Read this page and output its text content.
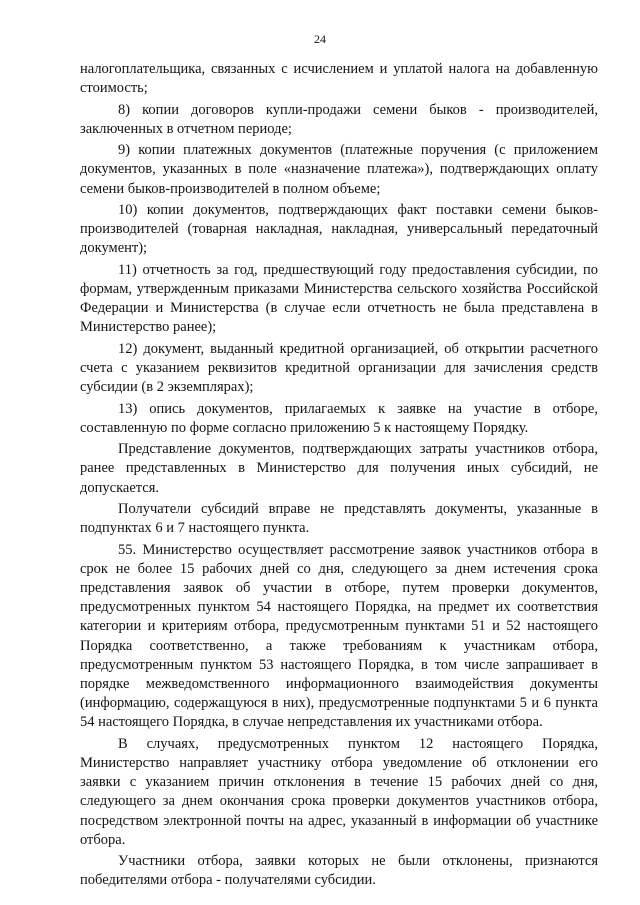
24

налогоплательщика, связанных с исчислением и уплатой налога на добавленную стоимость;

8) копии договоров купли-продажи семени быков - производителей, заключенных в отчетном периоде;

9) копии платежных документов (платежные поручения (с приложением документов, указанных в поле «назначение платежа»), подтверждающих оплату семени быков-производителей в полном объеме;

10) копии документов, подтверждающих факт поставки семени быков-производителей (товарная накладная, накладная, универсальный передаточный документ);

11) отчетность за год, предшествующий году предоставления субсидии, по формам, утвержденным приказами Министерства сельского хозяйства Российской Федерации и Министерства (в случае если отчетность не была представлена в Министерство ранее);

12) документ, выданный кредитной организацией, об открытии расчетного счета с указанием реквизитов кредитной организации для зачисления средств субсидии (в 2 экземплярах);

13) опись документов, прилагаемых к заявке на участие в отборе, составленную по форме согласно приложению 5 к настоящему Порядку.

Представление документов, подтверждающих затраты участников отбора, ранее представленных в Министерство для получения иных субсидий, не допускается.

Получатели субсидий вправе не представлять документы, указанные в подпунктах 6 и 7 настоящего пункта.

55. Министерство осуществляет рассмотрение заявок участников отбора в срок не более 15 рабочих дней со дня, следующего за днем истечения срока представления заявок об участии в отборе, путем проверки документов, предусмотренных пунктом 54 настоящего Порядка, на предмет их соответствия категории и критериям отбора, предусмотренным пунктами 51 и 52 настоящего Порядка соответственно, а также требованиям к участникам отбора, предусмотренным пунктом 53 настоящего Порядка, в том числе запрашивает в порядке межведомственного информационного взаимодействия документы (информацию, содержащуюся в них), предусмотренные подпунктами 5 и 6 пункта 54 настоящего Порядка, в случае непредставления их участниками отбора.

В случаях, предусмотренных пунктом 12 настоящего Порядка, Министерство направляет участнику отбора уведомление об отклонении его заявки с указанием причин отклонения в течение 15 рабочих дней со дня, следующего за днем окончания срока проверки документов участников отбора, посредством электронной почты на адрес, указанный в информации об участнике отбора.

Участники отбора, заявки которых не были отклонены, признаются победителями отбора - получателями субсидии.
